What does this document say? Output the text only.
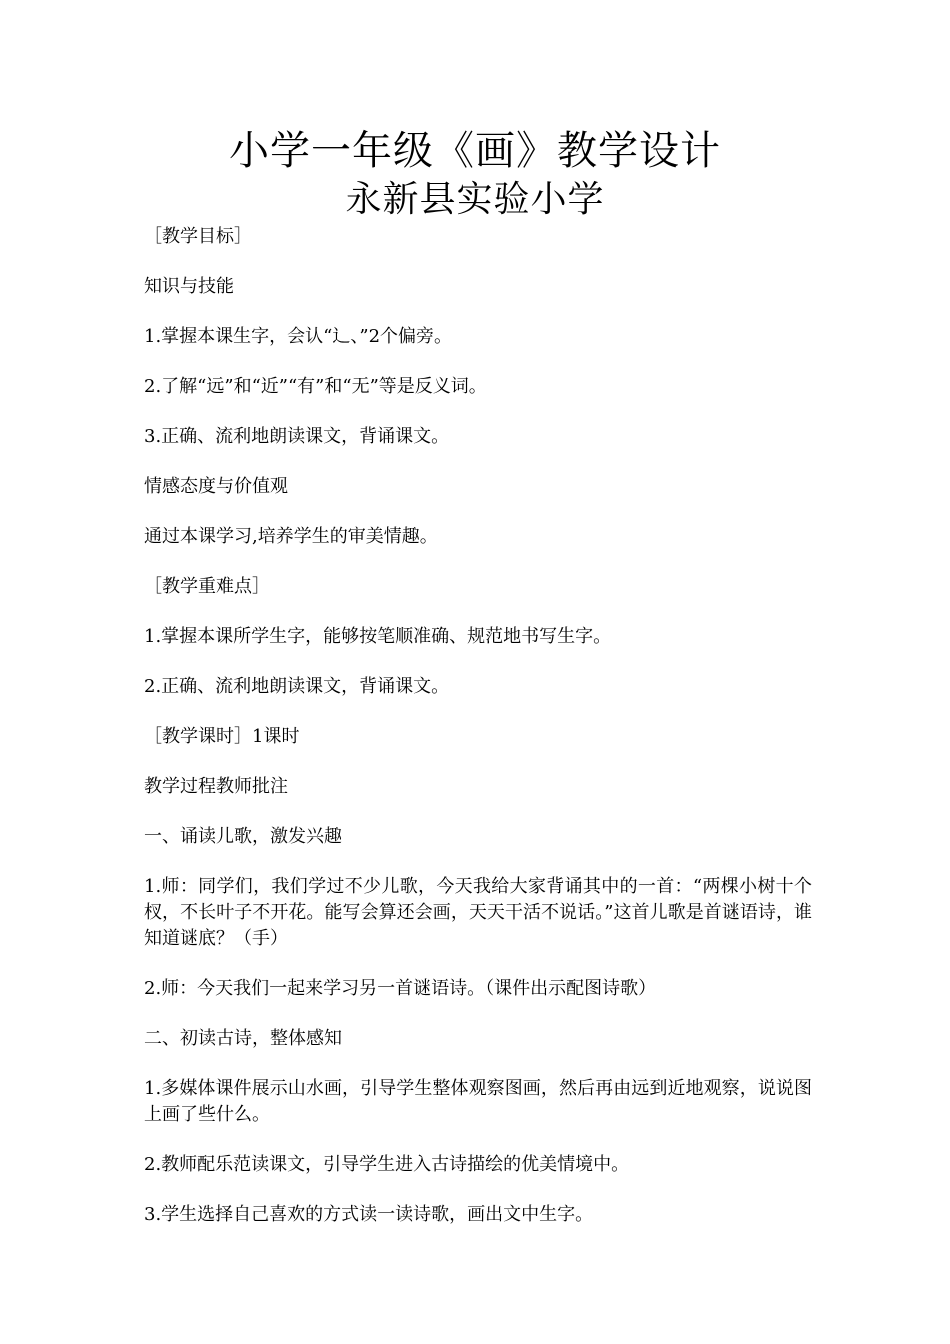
小学一年级《画》教学设计
永新县实验小学

［教学目标］

知识与技能

1.掌握本课生字，会认“辶、”2个偏旁。

2.了解“远”和“近”“有”和“无”等是反义词。

3.正确、流利地朗读课文，背诵课文。

情感态度与价值观

通过本课学习,培养学生的审美情趣。

［教学重难点］

1.掌握本课所学生字，能够按笔顺准确、规范地书写生字。

2.正确、流利地朗读课文，背诵课文。

［教学课时］1课时

教学过程教师批注

一、诵读儿歌，激发兴趣

1.师：同学们，我们学过不少儿歌，今天我给大家背诵其中的一首：“两棵小树十个杈，不长叶子不开花。能写会算还会画，天天干活不说话。”这首儿歌是首谜语诗，谁知道谜底？（手）

2.师：今天我们一起来学习另一首谜语诗。（课件出示配图诗歌）

二、初读古诗，整体感知

1.多媒体课件展示山水画，引导学生整体观察图画，然后再由远到近地观察，说说图上画了些什么。

2.教师配乐范读课文，引导学生进入古诗描绘的优美情境中。

3.学生选择自己喜欢的方式读一读诗歌，画出文中生字。
